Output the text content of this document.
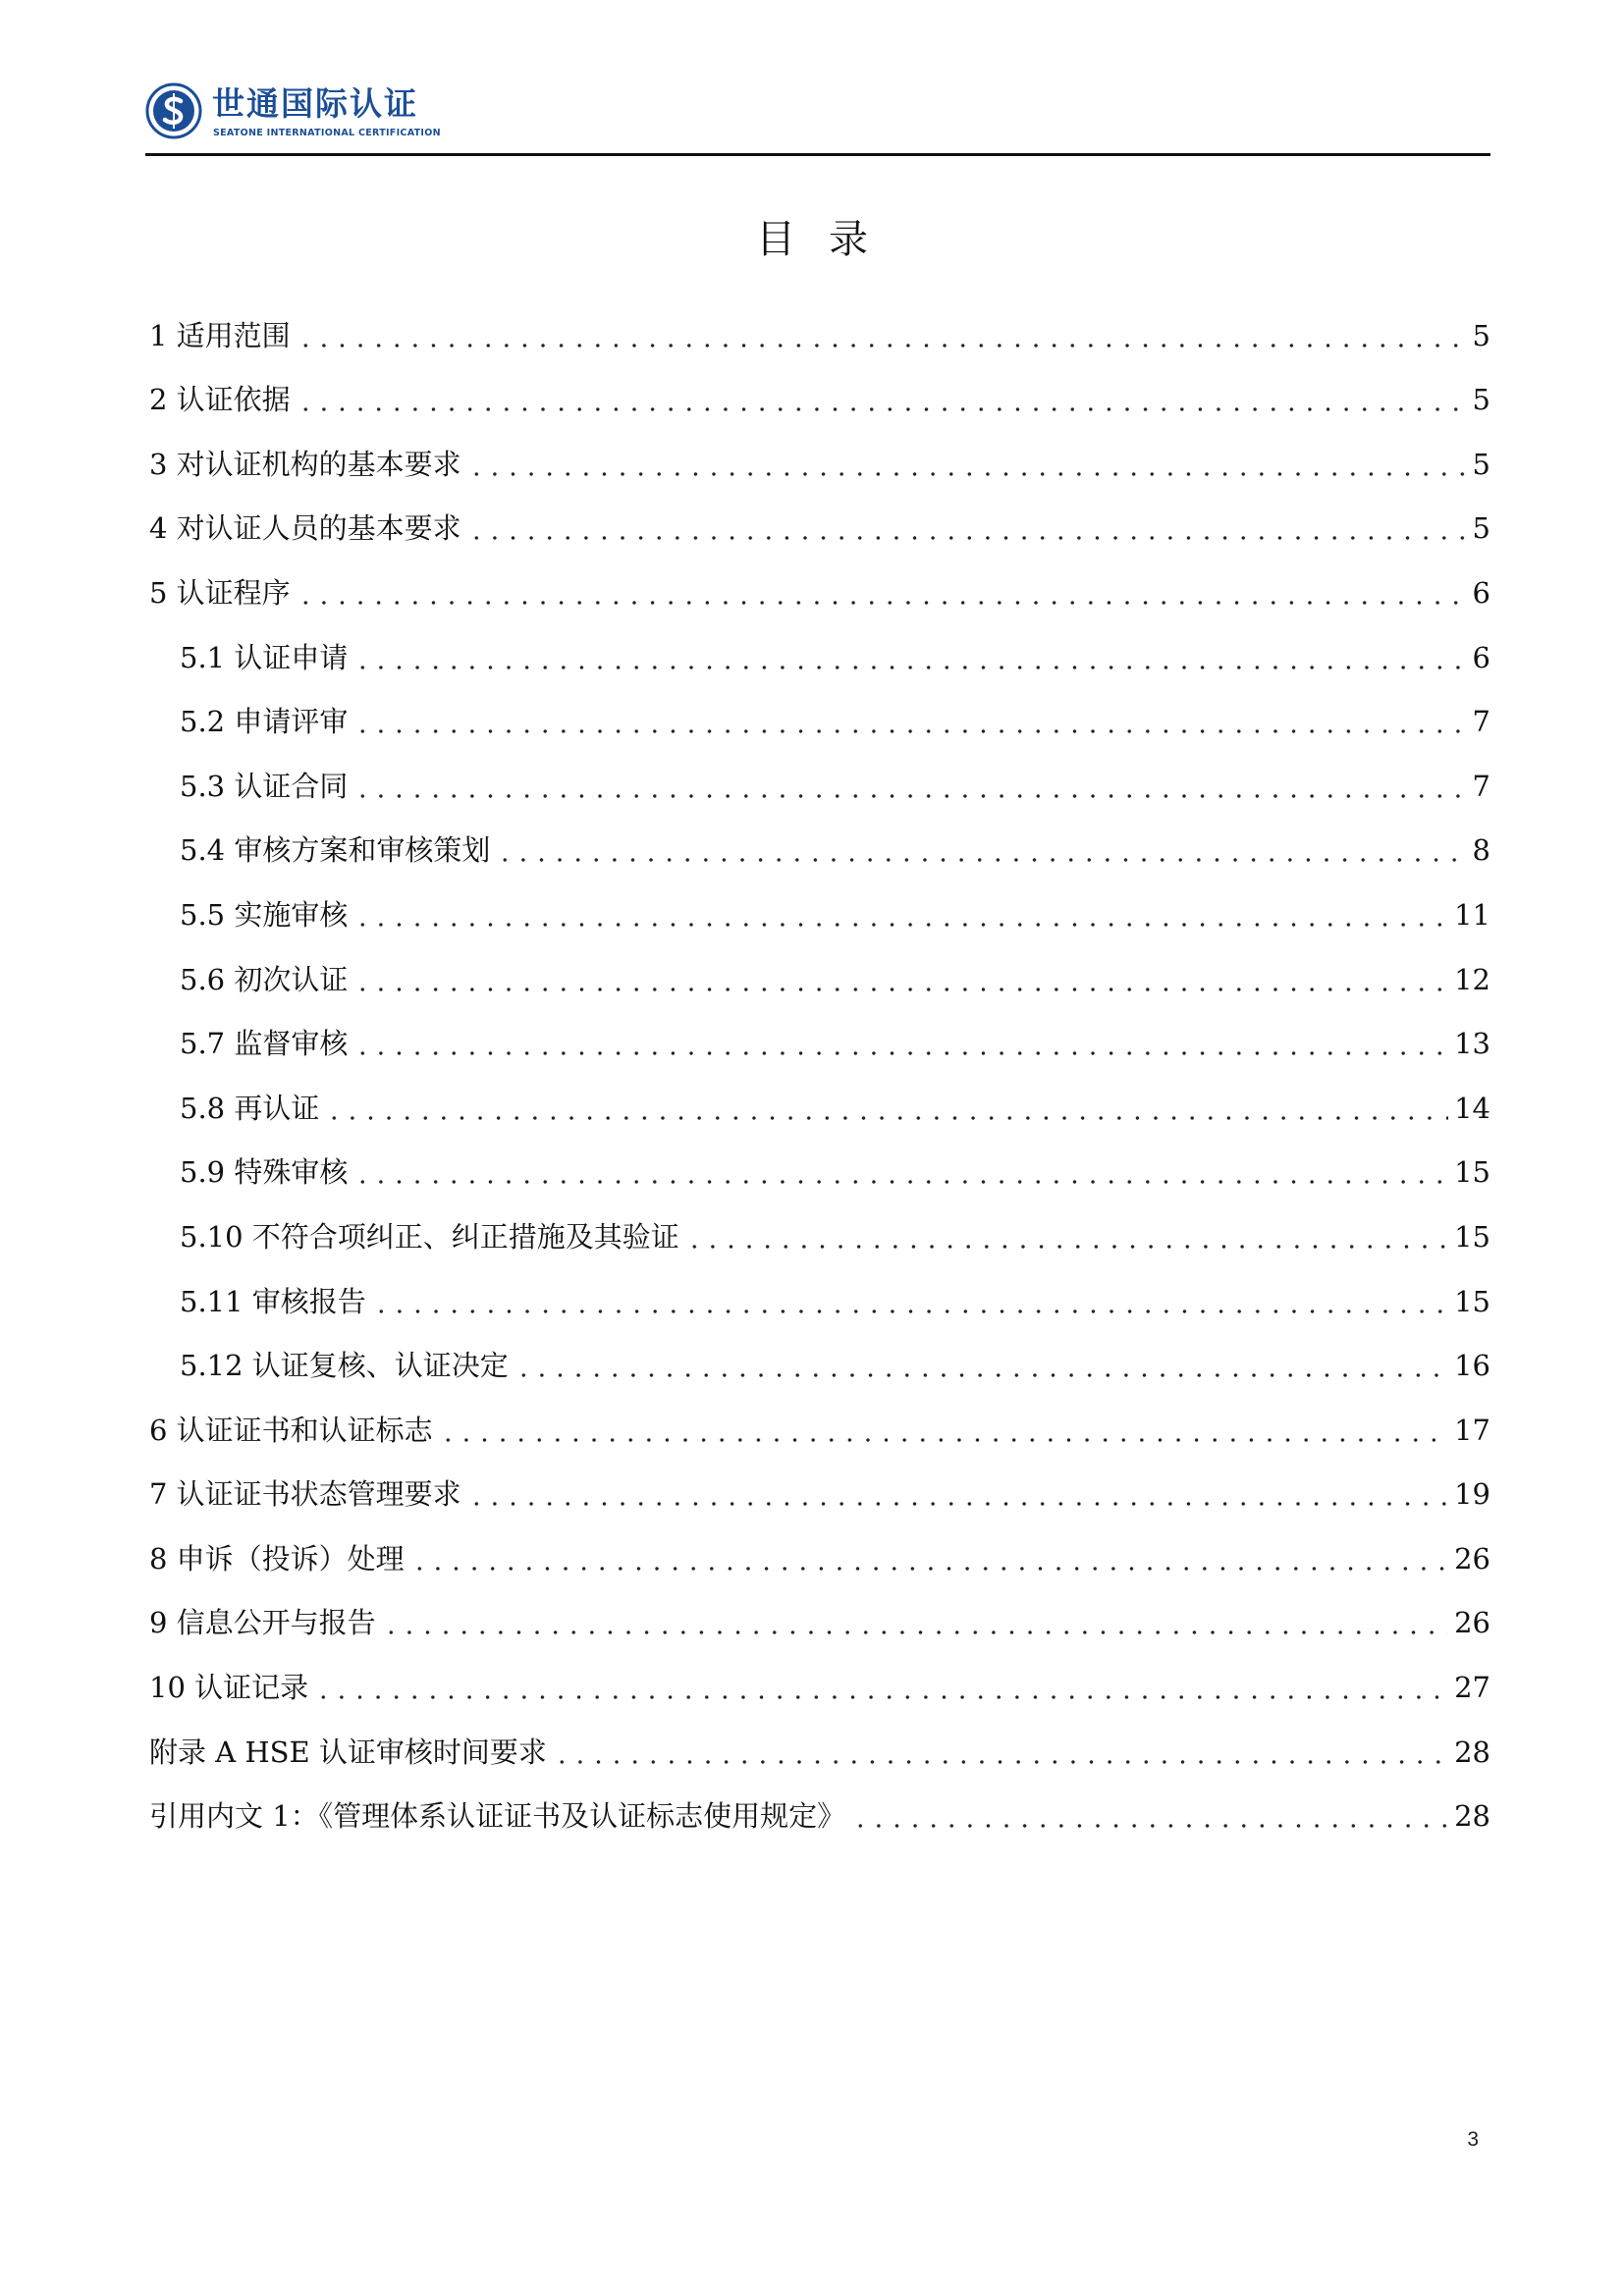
世通国际认证
SEATONE INTERNATIONAL CERTIFICATION
目录
1 适用范围	5
2 认证依据	5
3 对认证机构的基本要求	5
4 对认证人员的基本要求	5
5 认证程序	6
5.1 认证申请	6
5.2 申请评审	7
5.3 认证合同	7
5.4 审核方案和审核策划	8
5.5 实施审核	11
5.6 初次认证	12
5.7 监督审核	13
5.8 再认证	14
5.9 特殊审核	15
5.10 不符合项纠正、纠正措施及其验证	15
5.11 审核报告	15
5.12 认证复核、认证决定	16
6 认证证书和认证标志	17
7 认证证书状态管理要求	19
8 申诉（投诉）处理	26
9 信息公开与报告	26
10 认证记录	27
附录 A HSE 认证审核时间要求	28
引用内文 1：《管理体系认证证书及认证标志使用规定》	28
3
